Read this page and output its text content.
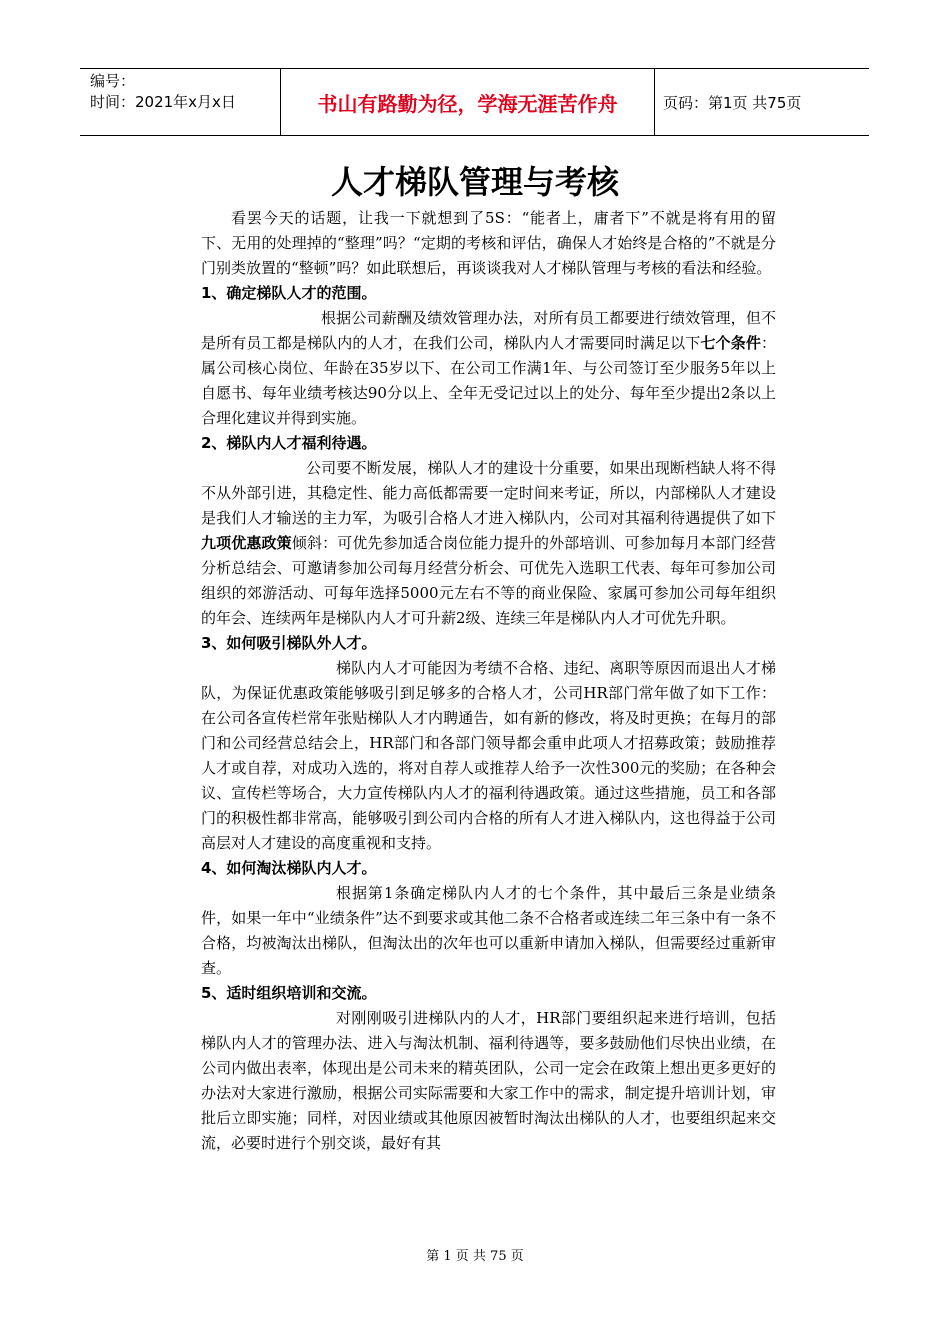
编号：
时间：2021年x月x日	书山有路勤为径，学海无涯苦作舟	页码：第1页 共75页
人才梯队管理与考核

看罢今天的话题，让我一下就想到了5S：“能者上，庸者下”不就是将有用的留下、无用的处理掉的“整理”吗？“定期的考核和评估，确保人才始终是合格的”不就是分门别类放置的“整顿”吗？如此联想后，再谈谈我对人才梯队管理与考核的看法和经验。

1、确定梯队人才的范围。

根据公司薪酬及绩效管理办法，对所有员工都要进行绩效管理，但不是所有员工都是梯队内的人才，在我们公司，梯队内人才需要同时满足以下七个条件：属公司核心岗位、年龄在35岁以下、在公司工作满1年、与公司签订至少服务5年以上自愿书、每年业绩考核达90分以上、全年无受记过以上的处分、每年至少提出2条以上合理化建议并得到实施。

2、梯队内人才福利待遇。

公司要不断发展，梯队人才的建设十分重要，如果出现断档缺人将不得不从外部引进，其稳定性、能力高低都需要一定时间来考证，所以，内部梯队人才建设是我们人才输送的主力军，为吸引合格人才进入梯队内，公司对其福利待遇提供了如下九项优惠政策倾斜：可优先参加适合岗位能力提升的外部培训、可参加每月本部门经营分析总结会、可邀请参加公司每月经营分析会、可优先入选职工代表、每年可参加公司组织的郊游活动、可每年选择5000元左右不等的商业保险、家属可参加公司每年组织的年会、连续两年是梯队内人才可升薪2级、连续三年是梯队内人才可优先升职。

3、如何吸引梯队外人才。

梯队内人才可能因为考绩不合格、违纪、离职等原因而退出人才梯队，为保证优惠政策能够吸引到足够多的合格人才，公司HR部门常年做了如下工作：在公司各宣传栏常年张贴梯队人才内聘通告，如有新的修改，将及时更换；在每月的部门和公司经营总结会上，HR部门和各部门领导都会重申此项人才招募政策；鼓励推荐人才或自荐，对成功入选的，将对自荐人或推荐人给予一次性300元的奖励；在各种会议、宣传栏等场合，大力宣传梯队内人才的福利待遇政策。通过这些措施，员工和各部门的积极性都非常高，能够吸引到公司内合格的所有人才进入梯队内，这也得益于公司高层对人才建设的高度重视和支持。

4、如何淘汰梯队内人才。

根据第1条确定梯队内人才的七个条件，其中最后三条是业绩条件，如果一年中“业绩条件”达不到要求或其他二条不合格者或连续二年三条中有一条不合格，均被淘汰出梯队，但淘汰出的次年也可以重新申请加入梯队，但需要经过重新审查。

5、适时组织培训和交流。

对刚刚吸引进梯队内的人才，HR部门要组织起来进行培训，包括梯队内人才的管理办法、进入与淘汰机制、福利待遇等，要多鼓励他们尽快出业绩，在公司内做出表率，体现出是公司未来的精英团队，公司一定会在政策上想出更多更好的办法对大家进行激励，根据公司实际需要和大家工作中的需求，制定提升培训计划，审批后立即实施；同样，对因业绩或其他原因被暂时淘汰出梯队的人才，也要组织起来交流，必要时进行个别交谈，最好有其

第 1 页 共 75 页
